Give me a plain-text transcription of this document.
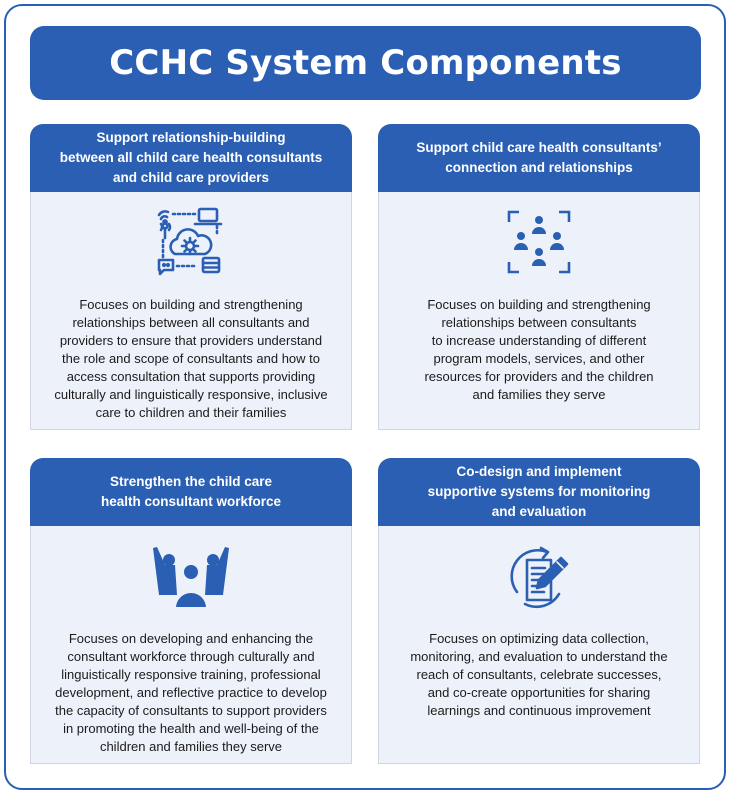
CCHC System Components
Support relationship-building
between all child care health consultants
and child care providers
Focuses on building and strengthening
relationships between all consultants and
providers to ensure that providers understand
the role and scope of consultants and how to
access consultation that supports providing
culturally and linguistically responsive, inclusive
care to children and their families
Support child care health consultants’
connection and relationships
Focuses on building and strengthening
relationships between consultants
to increase understanding of different
program models, services, and other
resources for providers and the children
and families they serve
Strengthen the child care
health consultant workforce
Focuses on developing and enhancing the
consultant workforce through culturally and
linguistically responsive training, professional
development, and reflective practice to develop
the capacity of consultants to support providers
in promoting the health and well-being of the
children and families they serve
Co-design and implement
supportive systems for monitoring
and evaluation
Focuses on optimizing data collection,
monitoring, and evaluation to understand the
reach of consultants, celebrate successes,
and co-create opportunities for sharing
learnings and continuous improvement
